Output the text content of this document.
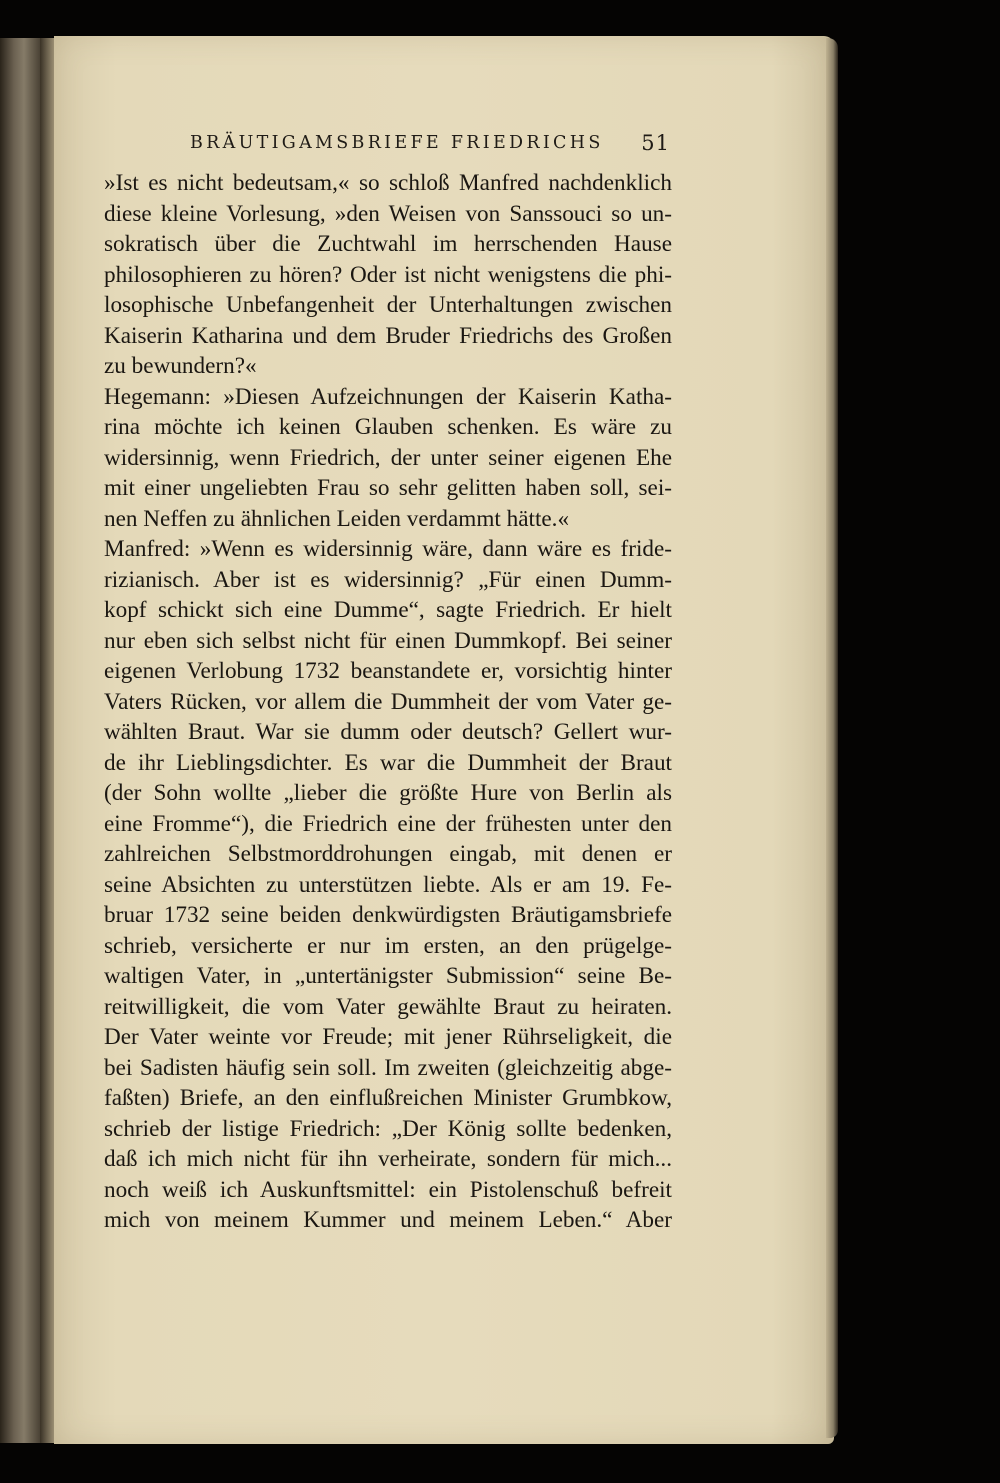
BRÄUTIGAMSBRIEFE FRIEDRICHS 51
»Ist es nicht bedeutsam,« so schloß Manfred nachdenklich
diese kleine Vorlesung, »den Weisen von Sanssouci so un-
sokratisch über die Zuchtwahl im herrschenden Hause
philosophieren zu hören? Oder ist nicht wenigstens die phi-
losophische Unbefangenheit der Unterhaltungen zwischen
Kaiserin Katharina und dem Bruder Friedrichs des Großen
zu bewundern?«
Hegemann: »Diesen Aufzeichnungen der Kaiserin Katha-
rina möchte ich keinen Glauben schenken. Es wäre zu
widersinnig, wenn Friedrich, der unter seiner eigenen Ehe
mit einer ungeliebten Frau so sehr gelitten haben soll, sei-
nen Neffen zu ähnlichen Leiden verdammt hätte.«
Manfred: »Wenn es widersinnig wäre, dann wäre es fride-
rizianisch. Aber ist es widersinnig? „Für einen Dumm-
kopf schickt sich eine Dumme“, sagte Friedrich. Er hielt
nur eben sich selbst nicht für einen Dummkopf. Bei seiner
eigenen Verlobung 1732 beanstandete er, vorsichtig hinter
Vaters Rücken, vor allem die Dummheit der vom Vater ge-
wählten Braut. War sie dumm oder deutsch? Gellert wur-
de ihr Lieblingsdichter. Es war die Dummheit der Braut
(der Sohn wollte „lieber die größte Hure von Berlin als
eine Fromme“), die Friedrich eine der frühesten unter den
zahlreichen Selbstmorddrohungen eingab, mit denen er
seine Absichten zu unterstützen liebte. Als er am 19. Fe-
bruar 1732 seine beiden denkwürdigsten Bräutigamsbriefe
schrieb, versicherte er nur im ersten, an den prügelge-
waltigen Vater, in „untertänigster Submission“ seine Be-
reitwilligkeit, die vom Vater gewählte Braut zu heiraten.
Der Vater weinte vor Freude; mit jener Rührseligkeit, die
bei Sadisten häufig sein soll. Im zweiten (gleichzeitig abge-
faßten) Briefe, an den einflußreichen Minister Grumbkow,
schrieb der listige Friedrich: „Der König sollte bedenken,
daß ich mich nicht für ihn verheirate, sondern für mich...
noch weiß ich Auskunftsmittel: ein Pistolenschuß befreit
mich von meinem Kummer und meinem Leben.“ Aber
